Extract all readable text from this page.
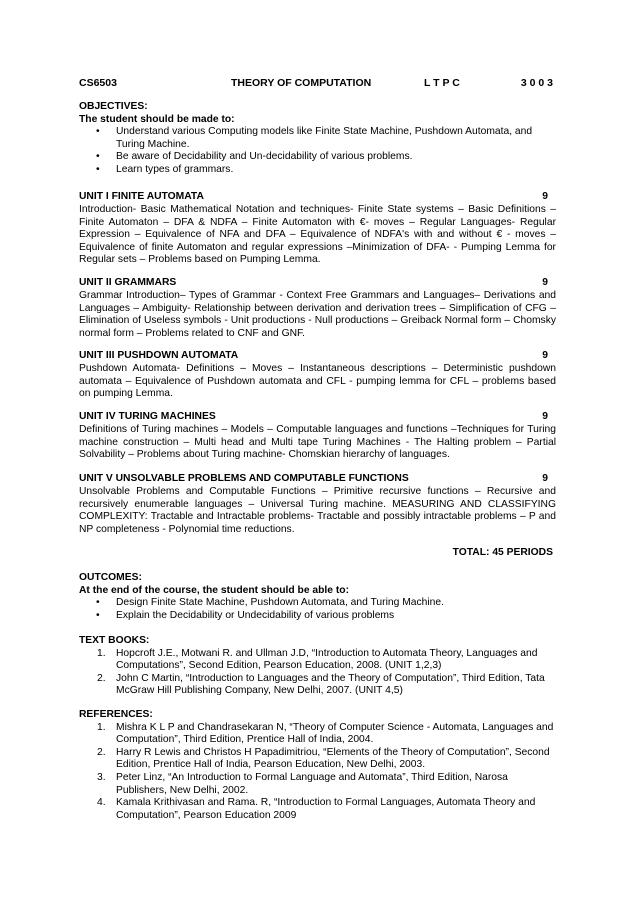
CS6503	THEORY OF COMPUTATION	L T P C	3 0 0 3
OBJECTIVES:
The student should be made to:
• Understand various Computing models like Finite State Machine, Pushdown Automata, and Turing Machine.
• Be aware of Decidability and Un-decidability of various problems.
• Learn types of grammars.
UNIT I FINITE AUTOMATA	9
Introduction- Basic Mathematical Notation and techniques- Finite State systems – Basic Definitions – Finite Automaton – DFA & NDFA – Finite Automaton with €- moves – Regular Languages- Regular Expression – Equivalence of NFA and DFA – Equivalence of NDFA's with and without € - moves – Equivalence of finite Automaton and regular expressions –Minimization of DFA- - Pumping Lemma for Regular sets – Problems based on Pumping Lemma.
UNIT II GRAMMARS	9
Grammar Introduction– Types of Grammar - Context Free Grammars and Languages– Derivations and Languages – Ambiguity- Relationship between derivation and derivation trees – Simplification of CFG – Elimination of Useless symbols - Unit productions - Null productions – Greiback Normal form – Chomsky normal form – Problems related to CNF and GNF.
UNIT III PUSHDOWN AUTOMATA	9
Pushdown Automata- Definitions – Moves – Instantaneous descriptions – Deterministic pushdown automata – Equivalence of Pushdown automata and CFL - pumping lemma for CFL – problems based on pumping Lemma.
UNIT IV TURING MACHINES	9
Definitions of Turing machines – Models – Computable languages and functions –Techniques for Turing machine construction – Multi head and Multi tape Turing Machines - The Halting problem – Partial Solvability – Problems about Turing machine- Chomskian hierarchy of languages.
UNIT V UNSOLVABLE PROBLEMS AND COMPUTABLE FUNCTIONS	9
Unsolvable Problems and Computable Functions – Primitive recursive functions – Recursive and recursively enumerable languages – Universal Turing machine. MEASURING AND CLASSIFYING COMPLEXITY: Tractable and Intractable problems- Tractable and possibly intractable problems – P and NP completeness - Polynomial time reductions.
TOTAL: 45 PERIODS
OUTCOMES:
At the end of the course, the student should be able to:
• Design Finite State Machine, Pushdown Automata, and Turing Machine.
• Explain the Decidability or Undecidability of various problems
TEXT BOOKS:
1. Hopcroft J.E., Motwani R. and Ullman J.D, “Introduction to Automata Theory, Languages and Computations”, Second Edition, Pearson Education, 2008. (UNIT 1,2,3)
2. John C Martin, “Introduction to Languages and the Theory of Computation”, Third Edition, Tata McGraw Hill Publishing Company, New Delhi, 2007. (UNIT 4,5)
REFERENCES:
1. Mishra K L P and Chandrasekaran N, “Theory of Computer Science - Automata, Languages and Computation”, Third Edition, Prentice Hall of India, 2004.
2. Harry R Lewis and Christos H Papadimitriou, “Elements of the Theory of Computation”, Second Edition, Prentice Hall of India, Pearson Education, New Delhi, 2003.
3. Peter Linz, “An Introduction to Formal Language and Automata”, Third Edition, Narosa Publishers, New Delhi, 2002.
4. Kamala Krithivasan and Rama. R, “Introduction to Formal Languages, Automata Theory and Computation”, Pearson Education 2009
